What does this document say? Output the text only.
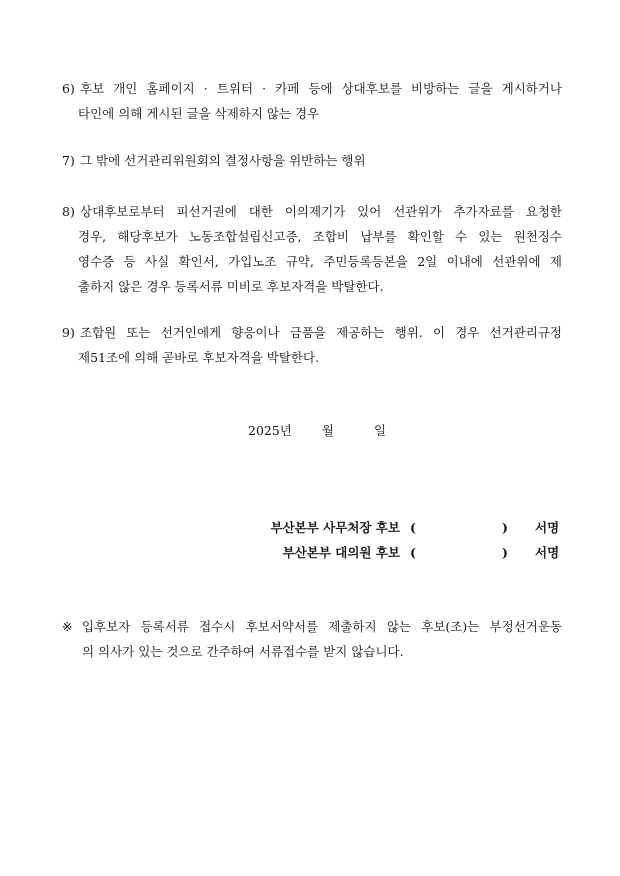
6) 후보 개인 홈페이지 · 트위터 · 카페 등에 상대후보를 비방하는 글을 게시하거나
타인에 의해 게시된 글을 삭제하지 않는 경우
7) 그 밖에 선거관리위원회의 결정사항을 위반하는 행위
8) 상대후보로부터 피선거권에 대한 이의제기가 있어 선관위가 추가자료를 요청한
경우, 해당후보가 노동조합설립신고증, 조합비 납부를 확인할 수 있는 원천징수
영수증 등 사실 확인서, 가입노조 규약, 주민등록등본을 2일 이내에 선관위에 제
출하지 않은 경우 등록서류 미비로 후보자격을 박탈한다.
9) 조합원 또는 선거인에게 향응이나 금품을 제공하는 행위. 이 경우 선거관리규정
제51조에 의해 곧바로 후보자격을 박탈한다.
2025년 월	일
부산본부 사무처장 후보 (	) 서명
부산본부 대의원 후보 (	) 서명
※ 입후보자 등록서류 접수시 후보서약서를 제출하지 않는 후보(조)는 부정선거운동
의 의사가 있는 것으로 간주하여 서류접수를 받지 않습니다.
